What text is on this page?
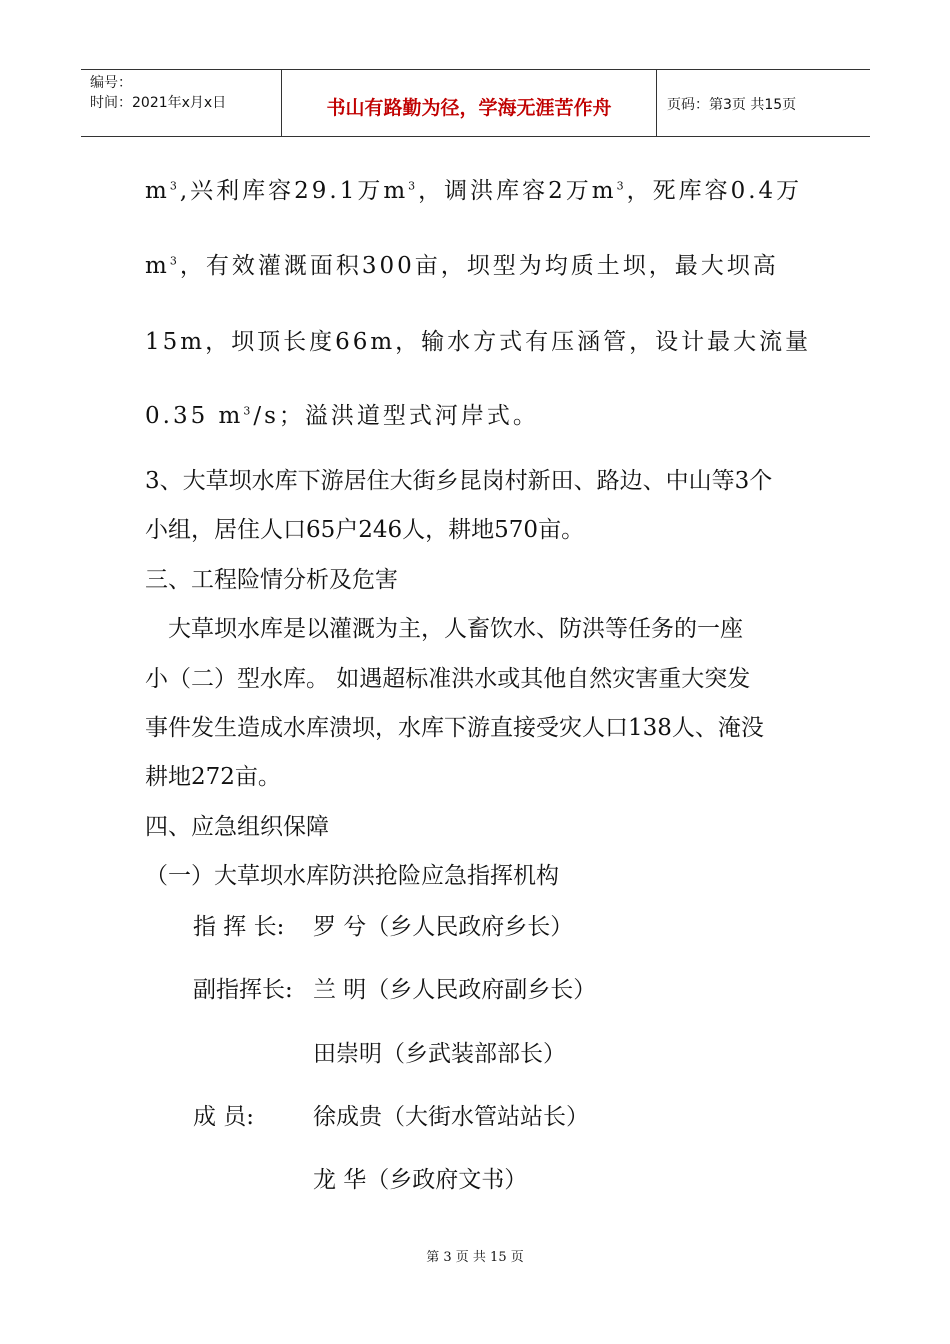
编号：
时间：2021年x月x日	书山有路勤为径，学海无涯苦作舟	页码：第3页 共15页
$m^3$,兴利库容29.1万$m^3$，调洪库容2万$m^3$，死库容0.4万
$m^3$，有效灌溉面积300亩，坝型为均质土坝，最大坝高
15m，坝顶长度66m，输水方式有压涵管，设计最大流量
0.35 $m^3/s$；溢洪道型式河岸式。
3、大草坝水库下游居住大街乡昆岗村新田、路边、中山等3个
小组，居住人口65户246人，耕地570亩。
三、工程险情分析及危害
大草坝水库是以灌溉为主，人畜饮水、防洪等任务的一座
小（二）型水库。 如遇超标准洪水或其他自然灾害重大突发
事件发生造成水库溃坝，水库下游直接受灾人口138人、淹没
耕地272亩。
四、应急组织保障
（一）大草坝水库防洪抢险应急指挥机构
指 挥 长: 罗 兮（乡人民政府乡长）
副指挥长: 兰 明（乡人民政府副乡长）
田崇明（乡武装部部长）
成 员:	徐成贵（大街水管站站长）
龙 华（乡政府文书）
第 3 页 共 15 页
